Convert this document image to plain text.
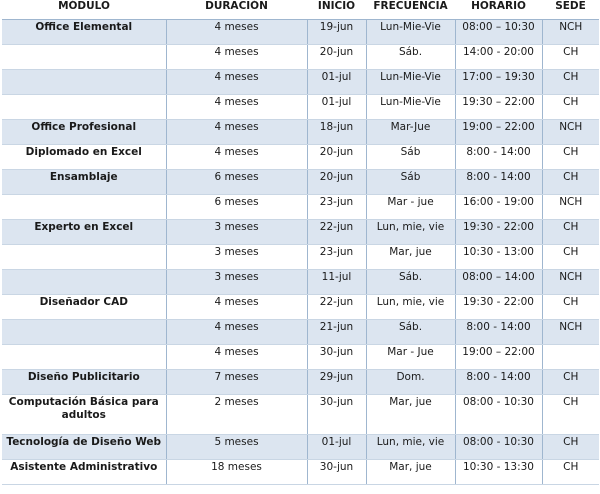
MÓDULO	DURACIÓN	INICIO	FRECUENCIA	HORARIO	SEDE
Office Elemental	4 meses	19-jun	Lun-Mie-Vie	08:00 – 10:30	NCH
	4 meses	20-jun	Sáb.	14:00 - 20:00	CH
	4 meses	01-jul	Lun-Mie-Vie	17:00 – 19:30	CH
	4 meses	01-jul	Lun-Mie-Vie	19:30 – 22:00	CH
Office Profesional	4 meses	18-jun	Mar-Jue	19:00 – 22:00	NCH
Diplomado en Excel	4 meses	20-jun	Sáb	8:00 - 14:00	CH
Ensamblaje	6 meses	20-jun	Sáb	8:00 - 14:00	CH
	6 meses	23-jun	Mar - jue	16:00 - 19:00	NCH
Experto en Excel	3 meses	22-jun	Lun, mie, vie	19:30 - 22:00	CH
	3 meses	23-jun	Mar, jue	10:30 - 13:00	CH
	3 meses	11-jul	Sáb.	08:00 – 14:00	NCH
Diseñador CAD	4 meses	22-jun	Lun, mie, vie	19:30 - 22:00	CH
	4 meses	21-jun	Sáb.	8:00 - 14:00	NCH
	4 meses	30-jun	Mar - Jue	19:00 – 22:00	
Diseño Publicitario	7 meses	29-jun	Dom.	8:00 - 14:00	CH
Computación Básica para adultos	2 meses	30-jun	Mar, jue	08:00 - 10:30	CH
Tecnología de Diseño Web	5 meses	01-jul	Lun, mie, vie	08:00 - 10:30	CH
Asistente Administrativo	18 meses	30-jun	Mar, jue	10:30 - 13:30	CH
